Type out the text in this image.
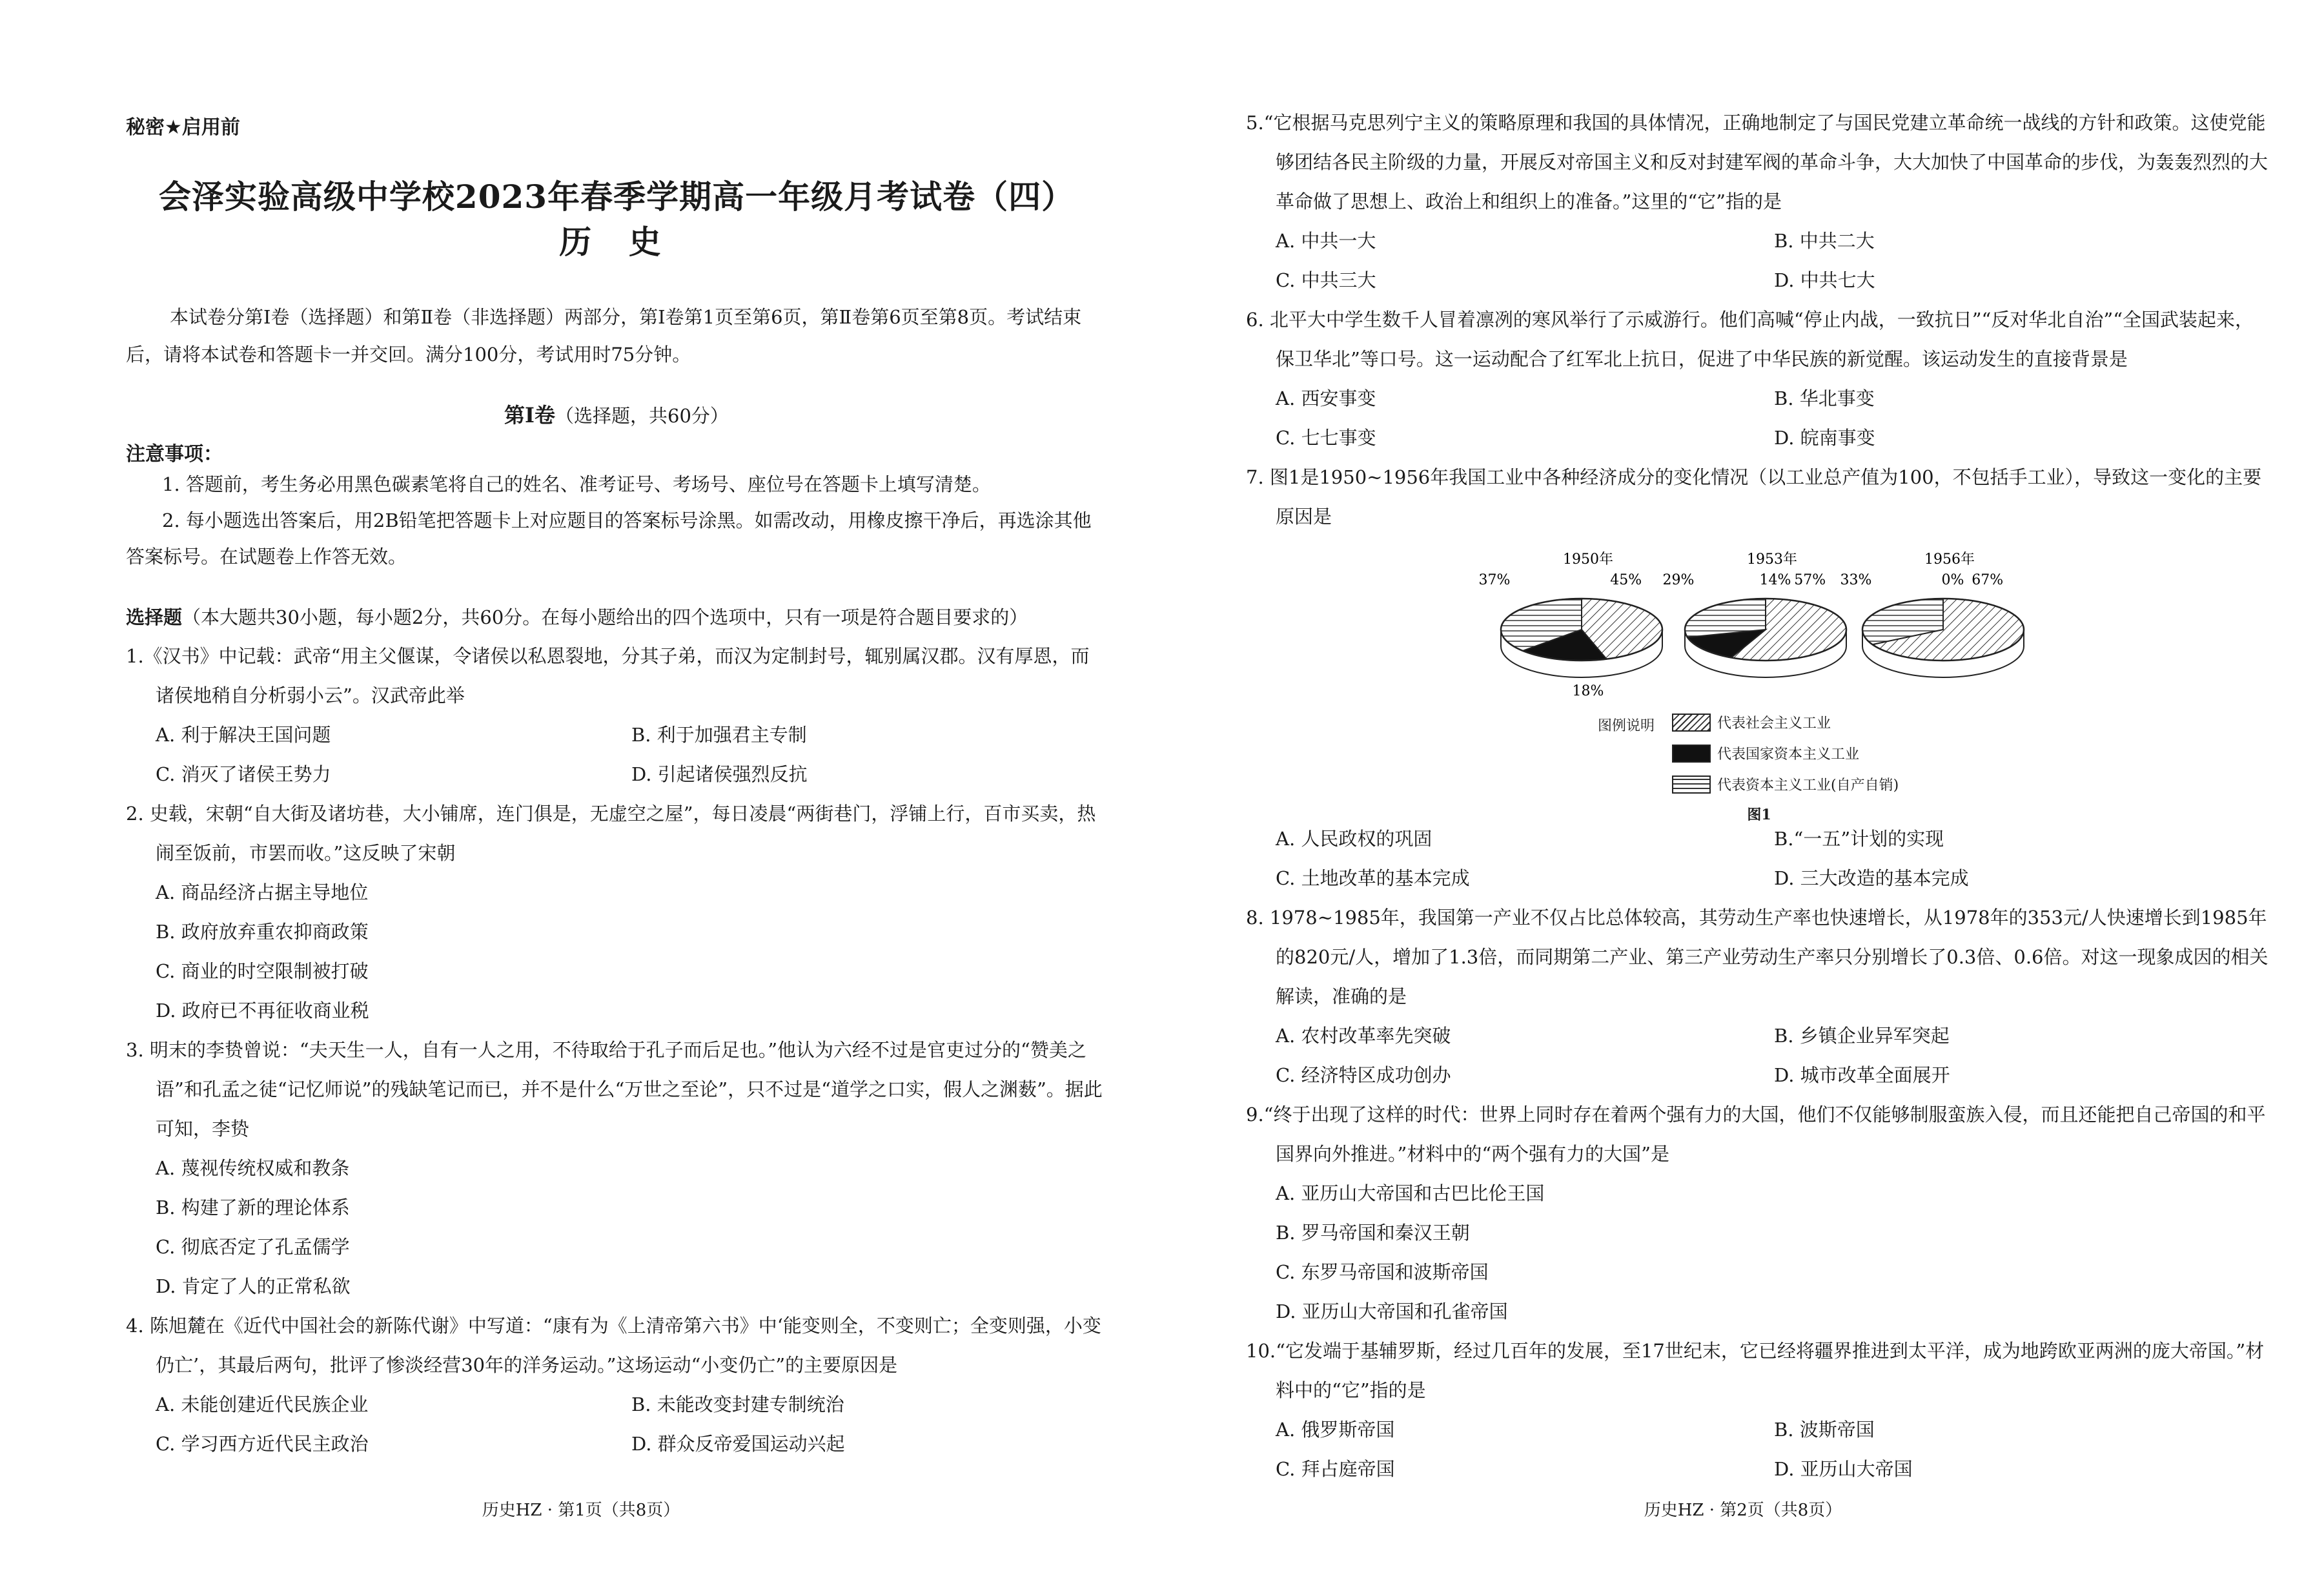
秘密★启用前
会泽实验高级中学校2023年春季学期高一年级月考试卷（四）
历 史

本试卷分第Ⅰ卷（选择题）和第Ⅱ卷（非选择题）两部分，第Ⅰ卷第1页至第6页，第Ⅱ卷第6页至第8页。考试结束后，请将本试卷和答题卡一并交回。满分100分，考试用时75分钟。

第Ⅰ卷（选择题，共60分）

注意事项：

1. 答题前，考生务必用黑色碳素笔将自己的姓名、准考证号、考场号、座位号在答题卡上填写清楚。

2. 每小题选出答案后，用2B铅笔把答题卡上对应题目的答案标号涂黑。如需改动，用橡皮擦干净后，再选涂其他答案标号。在试题卷上作答无效。

选择题（本大题共30小题，每小题2分，共60分。在每小题给出的四个选项中，只有一项是符合题目要求的）

1.《汉书》中记载：武帝“用主父偃谋，令诸侯以私恩裂地，分其子弟，而汉为定制封号，辄别属汉郡。汉有厚恩，而诸侯地稍自分析弱小云”。汉武帝此举

A. 利于解决王国问题	B. 利于加强君主专制
C. 消灭了诸侯王势力	D. 引起诸侯强烈反抗

2. 史载，宋朝“自大街及诸坊巷，大小铺席，连门俱是，无虚空之屋”，每日凌晨“两街巷门，浮铺上行，百市买卖，热闹至饭前，市罢而收。”这反映了宋朝

A. 商品经济占据主导地位
B. 政府放弃重农抑商政策
C. 商业的时空限制被打破
D. 政府已不再征收商业税

3. 明末的李贽曾说：“夫天生一人，自有一人之用，不待取给于孔子而后足也。”他认为六经不过是官吏过分的“赞美之语”和孔孟之徒“记忆师说”的残缺笔记而已，并不是什么“万世之至论”，只不过是“道学之口实，假人之渊薮”。据此可知，李贽

A. 蔑视传统权威和教条
B. 构建了新的理论体系
C. 彻底否定了孔孟儒学
D. 肯定了人的正常私欲

4. 陈旭麓在《近代中国社会的新陈代谢》中写道：“康有为《上清帝第六书》中‘能变则全，不变则亡；全变则强，小变仍亡’，其最后两句，批评了惨淡经营30年的洋务运动。”这场运动“小变仍亡”的主要原因是

A. 未能创建近代民族企业	B. 未能改变封建专制统治
C. 学习西方近代民主政治	D. 群众反帝爱国运动兴起
历史HZ · 第1页（共8页）

5.“它根据马克思列宁主义的策略原理和我国的具体情况，正确地制定了与国民党建立革命统一战线的方针和政策。这使党能够团结各民主阶级的力量，开展反对帝国主义和反对封建军阀的革命斗争，大大加快了中国革命的步伐，为轰轰烈烈的大革命做了思想上、政治上和组织上的准备。”这里的“它”指的是

A. 中共一大	B. 中共二大
C. 中共三大	D. 中共七大

6. 北平大中学生数千人冒着凛冽的寒风举行了示威游行。他们高喊“停止内战，一致抗日”“反对华北自治”“全国武装起来，保卫华北”等口号。这一运动配合了红军北上抗日，促进了中华民族的新觉醒。该运动发生的直接背景是

A. 西安事变	B. 华北事变
C. 七七事变	D. 皖南事变

7. 图1是1950~1956年我国工业中各种经济成分的变化情况（以工业总产值为100，不包括手工业），导致这一变化的主要原因是

1950年
45%
18%
37%
1953年
57%
14%
29%
1956年
67%
0%
33%
图例说明	代表社会主义工业
代表国家资本主义工业
代表资本主义工业(自产自销)
图1
A. 人民政权的巩固	B.“一五”计划的实现
C. 土地改革的基本完成	D. 三大改造的基本完成

8. 1978~1985年，我国第一产业不仅占比总体较高，其劳动生产率也快速增长，从1978年的353元/人快速增长到1985年的820元/人，增加了1.3倍，而同期第二产业、第三产业劳动生产率只分别增长了0.3倍、0.6倍。对这一现象成因的相关解读，准确的是

A. 农村改革率先突破	B. 乡镇企业异军突起
C. 经济特区成功创办	D. 城市改革全面展开

9.“终于出现了这样的时代：世界上同时存在着两个强有力的大国，他们不仅能够制服蛮族入侵，而且还能把自己帝国的和平国界向外推进。”材料中的“两个强有力的大国”是

A. 亚历山大帝国和古巴比伦王国
B. 罗马帝国和秦汉王朝
C. 东罗马帝国和波斯帝国
D. 亚历山大帝国和孔雀帝国

10.“它发端于基辅罗斯，经过几百年的发展，至17世纪末，它已经将疆界推进到太平洋，成为地跨欧亚两洲的庞大帝国。”材料中的“它”指的是

A. 俄罗斯帝国	B. 波斯帝国
C. 拜占庭帝国	D. 亚历山大帝国
历史HZ · 第2页（共8页）
